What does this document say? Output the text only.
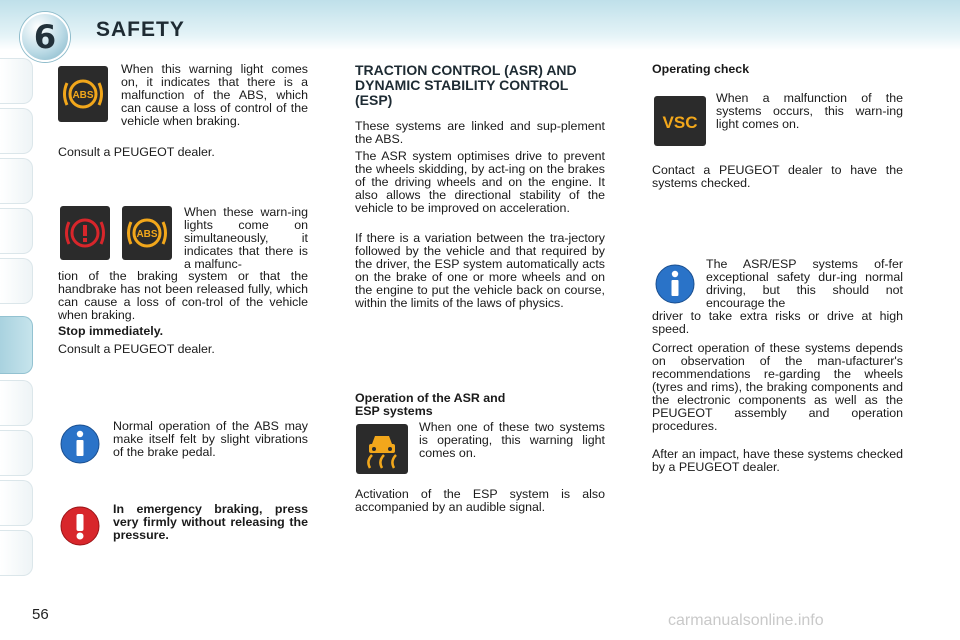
6	SAFETY
ABS
When this warning light comes on, it indicates that there is a malfunction of the ABS, which can cause a loss of control of the vehicle when braking.
Consult a PEUGEOT dealer.
ABS
When these warn-ing lights come on simultaneously, it indicates that there is a malfunc-
tion of the braking system or that the handbrake has not been released fully, which can cause a loss of con-trol of the vehicle when braking.
Stop immediately.
Consult a PEUGEOT dealer.
Normal operation of the ABS may make itself felt by slight vibrations of the brake pedal.
In emergency braking, press very firmly without releasing the pressure.
TRACTION CONTROL (ASR) AND DYNAMIC STABILITY CONTROL (ESP)
These systems are linked and sup-plement the ABS.
The ASR system optimises drive to prevent the wheels skidding, by act-ing on the brakes of the driving wheels and on the engine. It also allows the directional stability of the vehicle to be improved on acceleration.
If there is a variation between the tra-jectory followed by the vehicle and that required by the driver, the ESP system automatically acts on the brake of one or more wheels and on the engine to put the vehicle back on course, within the limits of the laws of physics.
Operation of the ASR and ESP systems
When one of these two systems is operating, this warning light comes on.
Activation of the ESP system is also accompanied by an audible signal.
Operating check
VSC
When a malfunction of the systems occurs, this warn-ing light comes on.
Contact a PEUGEOT dealer to have the systems checked.
The ASR/ESP systems of-fer exceptional safety dur-ing normal driving, but this should not encourage the
driver to take extra risks or drive at high speed.
Correct operation of these systems depends on observation of the man-ufacturer's recommendations re-garding the wheels (tyres and rims), the braking components and the electronic components as well as the PEUGEOT assembly and operation procedures.
After an impact, have these systems checked by a PEUGEOT dealer.
56	carmanualsonline.info
